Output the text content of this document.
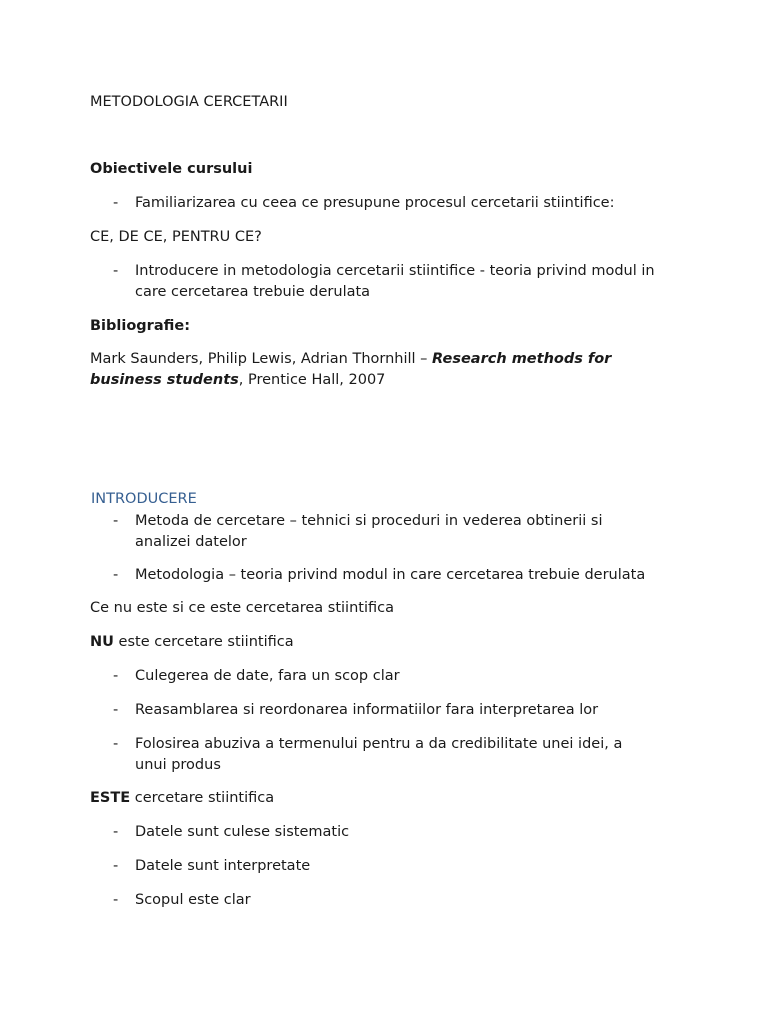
METODOLOGIA CERCETARII
Obiectivele cursului
- Familiarizarea cu ceea ce presupune procesul cercetarii stiintifice:
CE, DE CE, PENTRU CE?
- Introducere in metodologia cercetarii stiintifice - teoria privind modul in care cercetarea trebuie derulata
Bibliografie:
Mark Saunders, Philip Lewis, Adrian Thornhill – Research methods for business students, Prentice Hall, 2007
INTRODUCERE
- Metoda de cercetare – tehnici si proceduri in vederea obtinerii si analizei datelor
- Metodologia – teoria privind modul in care cercetarea trebuie derulata
Ce nu este si ce este cercetarea stiintifica
NU este cercetare stiintifica
- Culegerea de date, fara un scop clar
- Reasamblarea si reordonarea informatiilor fara interpretarea lor
- Folosirea abuziva a termenului pentru a da credibilitate unei idei, a unui produs
ESTE cercetare stiintifica
- Datele sunt culese sistematic
- Datele sunt interpretate
- Scopul este clar
